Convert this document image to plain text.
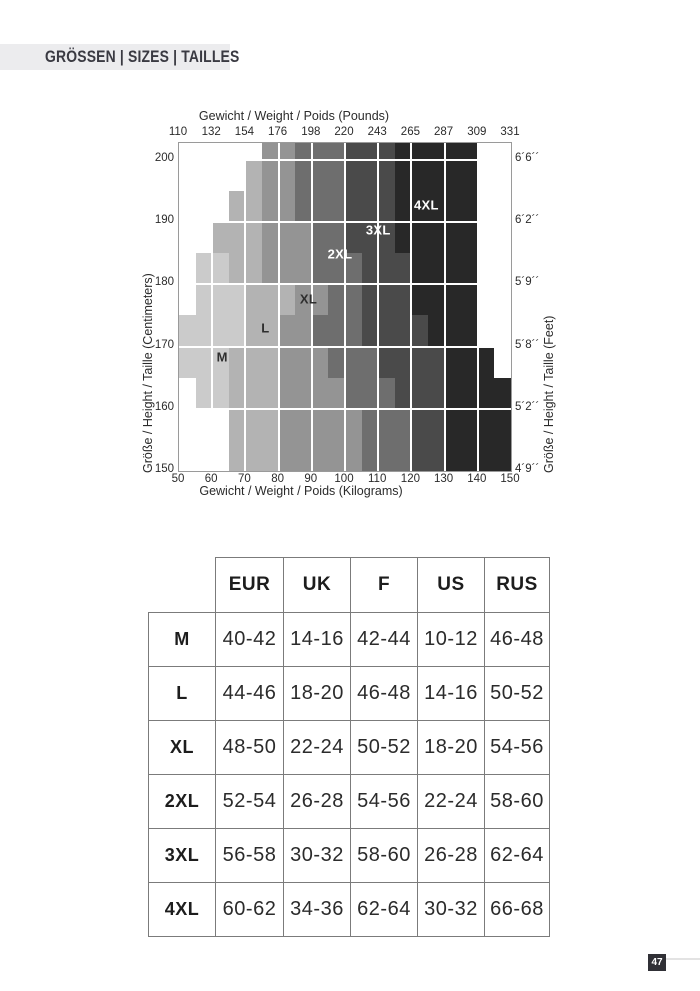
GRÖSSEN | SIZES | TAILLES
Gewicht / Weight / Poids (Pounds)
Gewicht / Weight / Poids (Kilograms)
Größe / Height / Taille (Centimeters)	Größe / Height / Taille (Feet)
M
L
XL
2XL
3XL
4XL
110
50
132
60
154
70
176
80
198
90
220
100
243
110
265
120
287
130
309
140
331
150
150	4´9´´
160	5´2´´
170	5´8´´
180	5´9´´
190	6´2´´
200	6´6´´
	EUR	UK	F	US	RUS
M	40-42	14-16	42-44	10-12	46-48
L	44-46	18-20	46-48	14-16	50-52
XL	48-50	22-24	50-52	18-20	54-56
2XL	52-54	26-28	54-56	22-24	58-60
3XL	56-58	30-32	58-60	26-28	62-64
4XL	60-62	34-36	62-64	30-32	66-68
47
